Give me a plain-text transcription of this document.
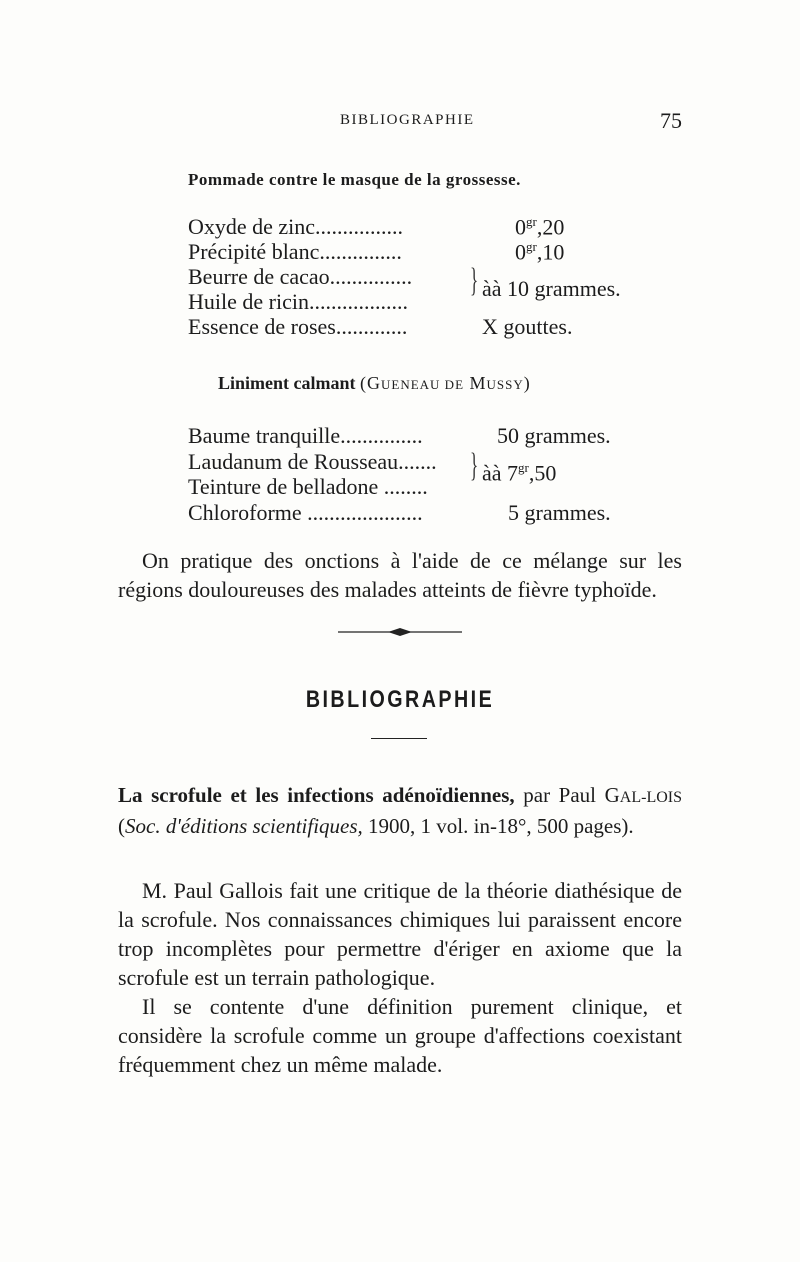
BIBLIOGRAPHIE	75
Pommade contre le masque de la grossesse.
Oxyde de zinc................	$0^{gr},20$
Précipité blanc...............	$0^{gr},10$
Beurre de cacao...............
Huile de ricin..................
} àà 10 grammes.
Essence de roses.............	X gouttes.
Liniment calmant (GUENEAU DE MUSSY)
Baume tranquille...............	50 grammes.
Laudanum de Rousseau.......
Teinture de belladone ........
} àà $7^{gr},50$
Chloroforme .....................	5 grammes.

On pratique des onctions à l'aide de ce mélange sur les régions douloureuses des malades atteints de fièvre typhoïde.

BIBLIOGRAPHIE
La scrofule et les infections adénoïdiennes, par Paul GAL-LOIS (Soc. d'éditions scientifiques, 1900, 1 vol. in-18°, 500 pages).

M. Paul Gallois fait une critique de la théorie diathésique de la scrofule. Nos connaissances chimiques lui paraissent encore trop incomplètes pour permettre d'ériger en axiome que la scrofule est un terrain pathologique.

Il se contente d'une définition purement clinique, et considère la scrofule comme un groupe d'affections coexistant fréquemment chez un même malade.
